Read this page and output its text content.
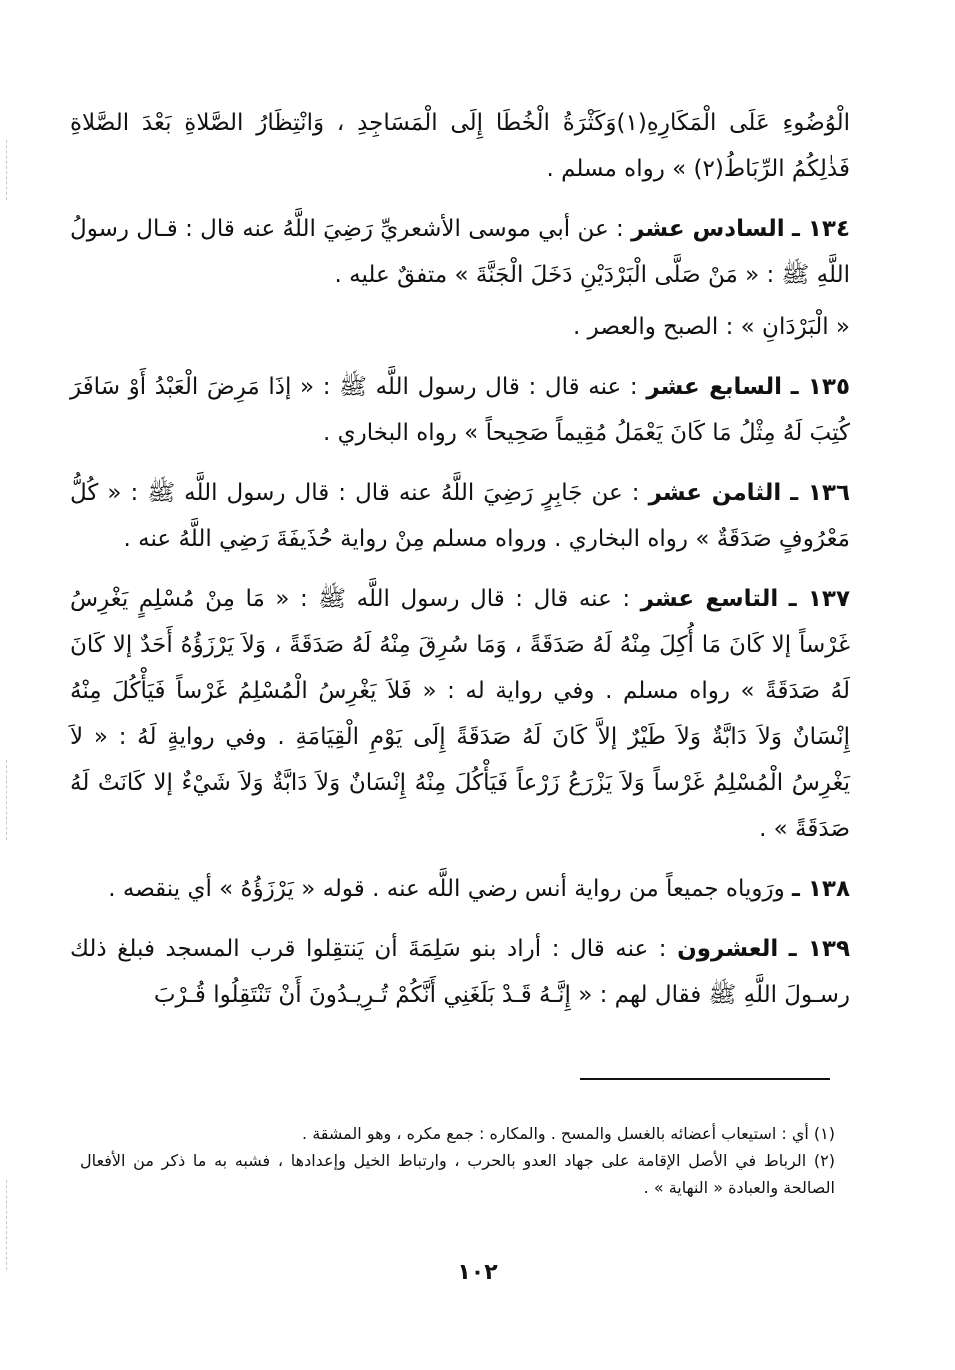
الْوُضُوءِ عَلَى الْمَكَارِهِ(١)وَكَثْرَةُ الْخُطَا إِلَى الْمَسَاجِدِ ، وَانْتِظَارُ الصَّلاةِ بَعْدَ الصَّلاةِ فَذٰلِكُمُ الرِّبَاطُ(٢) » رواه مسلم .

١٣٤ ـ السادس عشر : عن أبي موسى الأشعريِّ رَضِيَ اللَّهُ عنه قال : قـال رسولُ اللَّهِ ﷺ : « مَنْ صَلَّى الْبَرْدَيْنِ دَخَلَ الْجَنَّةَ » متفقٌ عليه .

« الْبَرْدَانِ » : الصبح والعصر .

١٣٥ ـ السابع عشر : عنه قال : قال رسول اللَّه ﷺ : « إذَا مَرِضَ الْعَبْدُ أَوْ سَافَرَ كُتِبَ لَهُ مِثْلُ مَا كَانَ يَعْمَلُ مُقِيماً صَحِيحاً » رواه البخاري .

١٣٦ ـ الثامن عشر : عن جَابِرٍ رَضِيَ اللَّهُ عنه قال : قال رسول اللَّه ﷺ : « كُلُّ مَعْرُوفٍ صَدَقَةٌ » رواه البخاري . ورواه مسلم مِنْ رواية حُذَيفَةَ رَضِي اللَّهُ عنه .

١٣٧ ـ التاسع عشر : عنه قال : قال رسول اللَّه ﷺ : « مَا مِنْ مُسْلِمٍ يَغْرِسُ غَرْساً إلا كَانَ مَا أُكِلَ مِنْهُ لَهُ صَدَقَةً ، وَمَا سُرِقَ مِنْهُ لَهُ صَدَقَةً ، وَلاَ يَرْزَؤُهُ أَحَدٌ إلا كَانَ لَهُ صَدَقَةً » رواه مسلم . وفي رواية له : « فَلاَ يَغْرِسُ الْمُسْلِمُ غَرْساً فَيَأْكُلَ مِنْهُ إِنْسَانٌ وَلاَ دَابَّةٌ وَلاَ طَيْرٌ إلاَّ كَانَ لَهُ صَدَقَةً إِلَى يَوْمِ الْقِيَامَةِ . وفي روايةٍ لَهُ : « لاَ يَغْرِسُ الْمُسْلِمُ غَرْساً وَلاَ يَزْرَعُ زَرْعاً فَيَأْكُلَ مِنْهُ إِنْسَانٌ وَلاَ دَابَّةٌ وَلاَ شَيْءٌ إلا كَانَتْ لَهُ صَدَقَةً » .

١٣٨ ـ ورَوياه جميعاً من رواية أنس رضي اللَّه عنه . قوله « يَرْزَؤُهُ » أي ينقصه .

١٣٩ ـ العشرون : عنه قال : أراد بنو سَلِمَةَ أن يَنتقِلوا قرب المسجد فبلغ ذلك رسـولَ اللَّهِ ﷺ فقال لهم : « إِنَّـهُ قَـدْ بَلَغَنِي أَنَّكُمْ تُـرِيـدُونَ أَنْ تَنْتَقِلُوا قُـرْبَ

(١) أي : استيعاب أعضائه بالغسل والمسح . والمكاره : جمع مكره ، وهو المشقة .

(٢) الرباط في الأصل الإقامة على جهاد العدو بالحرب ، وارتباط الخيل وإعدادها ، فشبه به ما ذكر من الأفعال الصالحة والعبادة « النهاية » .

١٠٢
